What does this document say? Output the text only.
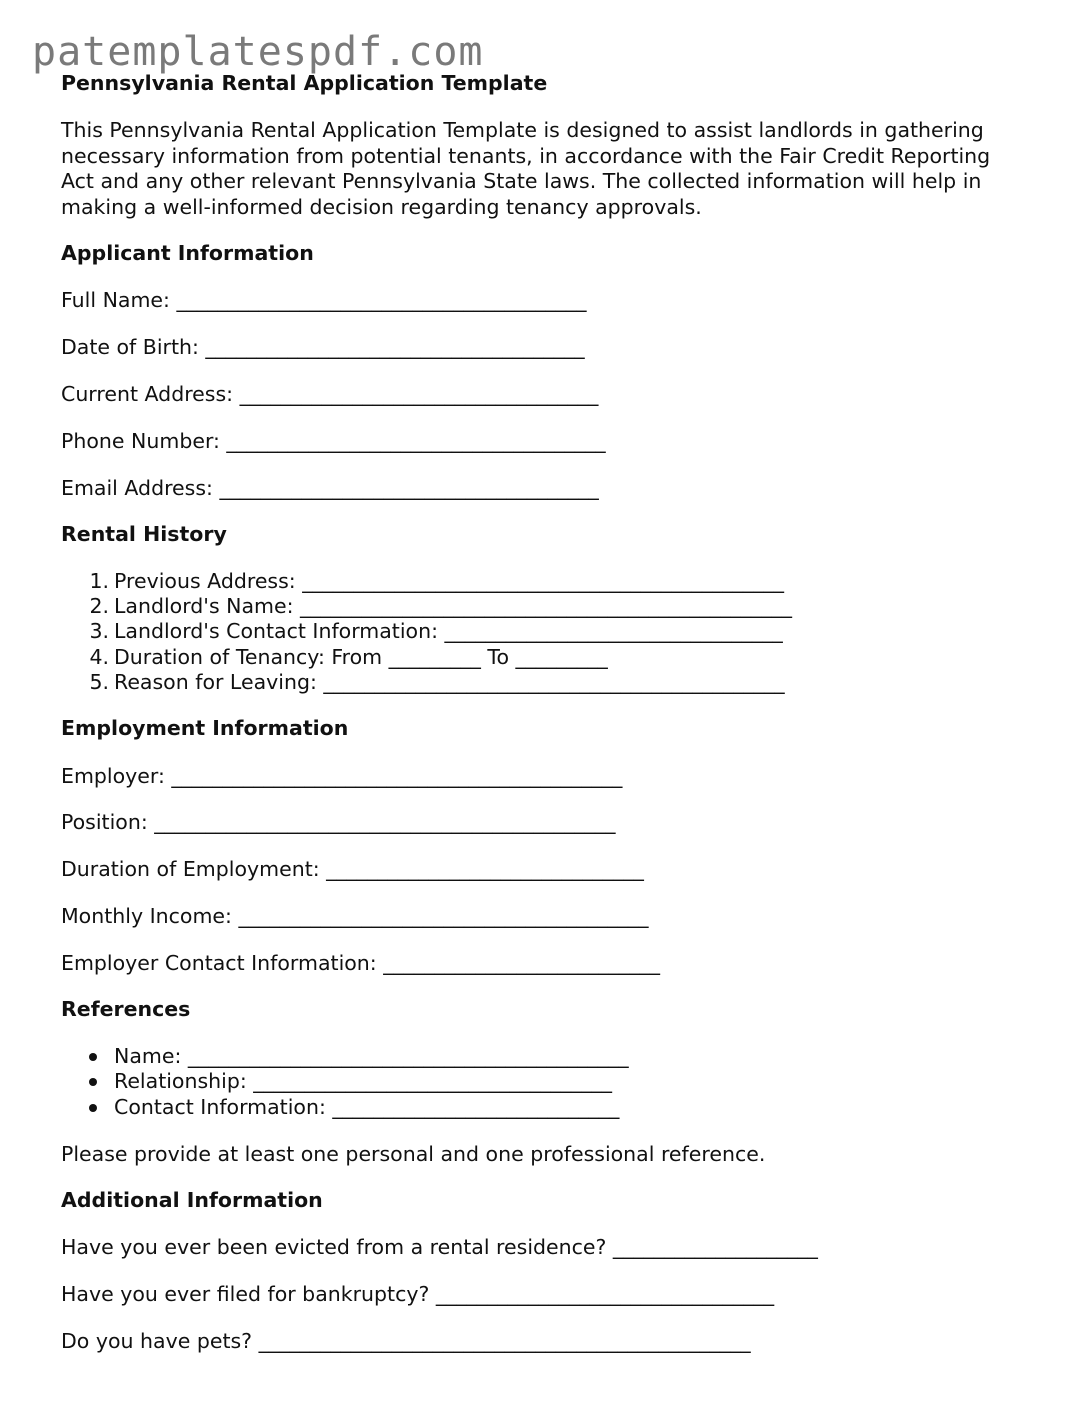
patemplatespdf.com
Pennsylvania Rental Application Template
This Pennsylvania Rental Application Template is designed to assist landlords in gathering
necessary information from potential tenants, in accordance with the Fair Credit Reporting
Act and any other relevant Pennsylvania State laws. The collected information will help in
making a well-informed decision regarding tenancy approvals.
Applicant Information
Full Name: ________________________________________
Date of Birth: _____________________________________
Current Address: ___________________________________
Phone Number: _____________________________________
Email Address: _____________________________________
Rental History
1. Previous Address: _______________________________________________
2. Landlord's Name: ________________________________________________
3. Landlord's Contact Information: _________________________________
4. Duration of Tenancy: From _________ To _________
5. Reason for Leaving: _____________________________________________
Employment Information
Employer: ____________________________________________
Position: _____________________________________________
Duration of Employment: _______________________________
Monthly Income: ________________________________________
Employer Contact Information: ___________________________
References
Name: ___________________________________________
Relationship: ___________________________________
Contact Information: ____________________________
Please provide at least one personal and one professional reference.
Additional Information
Have you ever been evicted from a rental residence? ____________________
Have you ever filed for bankruptcy? _________________________________
Do you have pets? ________________________________________________
